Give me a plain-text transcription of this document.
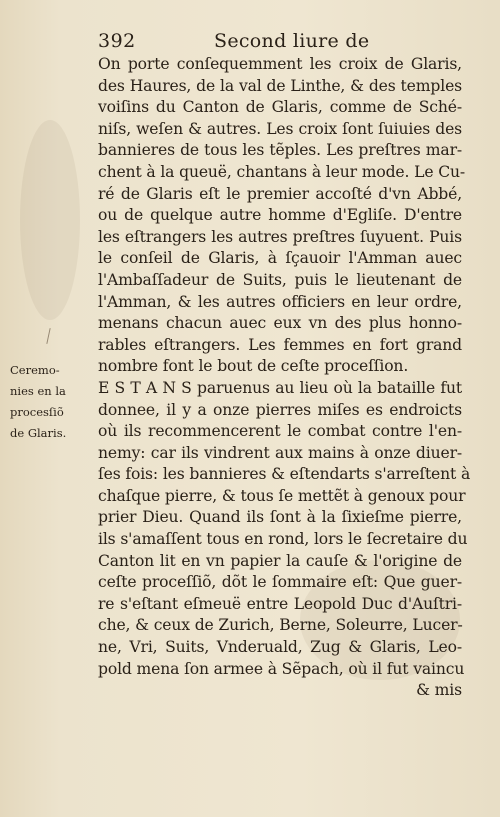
392	Second liure de
Ceremo-
nies en la
procesſiõ
de Glaris.
On porte conſequemment les croix de Glaris,
des Haures, de la val de Linthe, & des temples
voiſins du Canton de Glaris, comme de Sché-
niſs, weſen & autres. Les croix ſont ſuiuies des
bannieres de tous les tẽples. Les preſtres mar-
chent à la queuë, chantans à leur mode. Le Cu-
ré de Glaris eſt le premier accoſté d'vn Abbé,
ou de quelque autre homme d'Egliſe. D'entre
les eſtrangers les autres preſtres ſuyuent. Puis
le conſeil de Glaris, à ſçauoir l'Amman auec
l'Ambaſſadeur de Suits, puis le lieutenant de
l'Amman, & les autres officiers en leur ordre,
menans chacun auec eux vn des plus honno-
rables eſtrangers. Les femmes en fort grand
nombre font le bout de ceſte proceſſion.
E S T A N S paruenus au lieu où la bataille fut
donnee, il y a onze pierres miſes es endroicts
où ils recommencerent le combat contre l'en-
nemy: car ils vindrent aux mains à onze diuer-
ſes fois: les bannieres & eſtendarts s'arreſtent à
chaſque pierre, & tous ſe mettẽt à genoux pour
prier Dieu. Quand ils ſont à la ſixieſme pierre,
ils s'amaſſent tous en rond, lors le ſecretaire du
Canton lit en vn papier la cauſe & l'origine de
ceſte proceſſiõ, dõt le ſommaire eſt: Que guer-
re s'eſtant eſmeuë entre Leopold Duc d'Auſtri-
che, & ceux de Zurich, Berne, Soleurre, Lucer-
ne, Vri, Suits, Vnderuald, Zug & Glaris, Leo-
pold mena ſon armee à Sẽpach, où il fut vaincu
& mis
